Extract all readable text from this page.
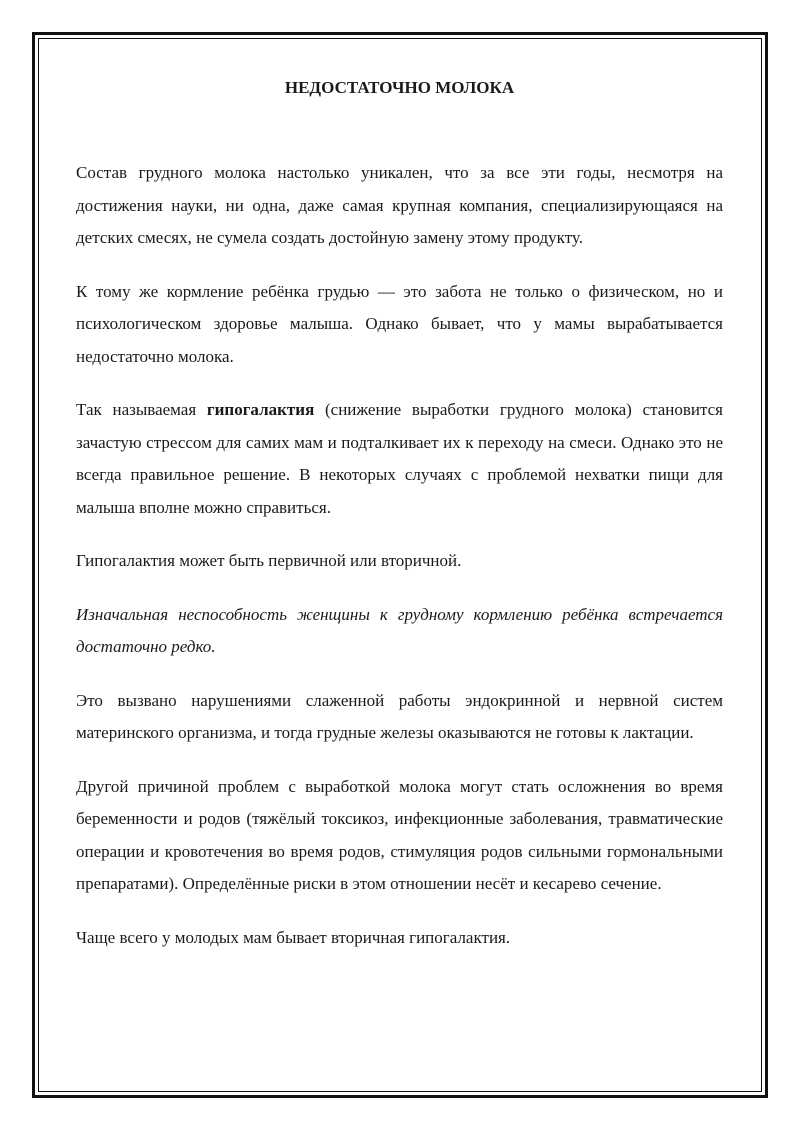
НЕДОСТАТОЧНО МОЛОКА

Состав грудного молока настолько уникален, что за все эти годы, несмотря на достижения науки, ни одна, даже самая крупная компания, специализирующаяся на детских смесях, не сумела создать достойную замену этому продукту.

К тому же кормление ребёнка грудью — это забота не только о физическом, но и психологическом здоровье малыша. Однако бывает, что у мамы вырабатывается недостаточно молока.

Так называемая гипогалактия (снижение выработки грудного молока) становится зачастую стрессом для самих мам и подталкивает их к переходу на смеси. Однако это не всегда правильное решение. В некоторых случаях с проблемой нехватки пищи для малыша вполне можно справиться.

Гипогалактия может быть первичной или вторичной.

Изначальная неспособность женщины к грудному кормлению ребёнка встречается достаточно редко.

Это вызвано нарушениями слаженной работы эндокринной и нервной систем материнского организма, и тогда грудные железы оказываются не готовы к лактации.

Другой причиной проблем с выработкой молока могут стать осложнения во время беременности и родов (тяжёлый токсикоз, инфекционные заболевания, травматические операции и кровотечения во время родов, стимуляция родов сильными гормональными препаратами). Определённые риски в этом отношении несёт и кесарево сечение.

Чаще всего у молодых мам бывает вторичная гипогалактия.
